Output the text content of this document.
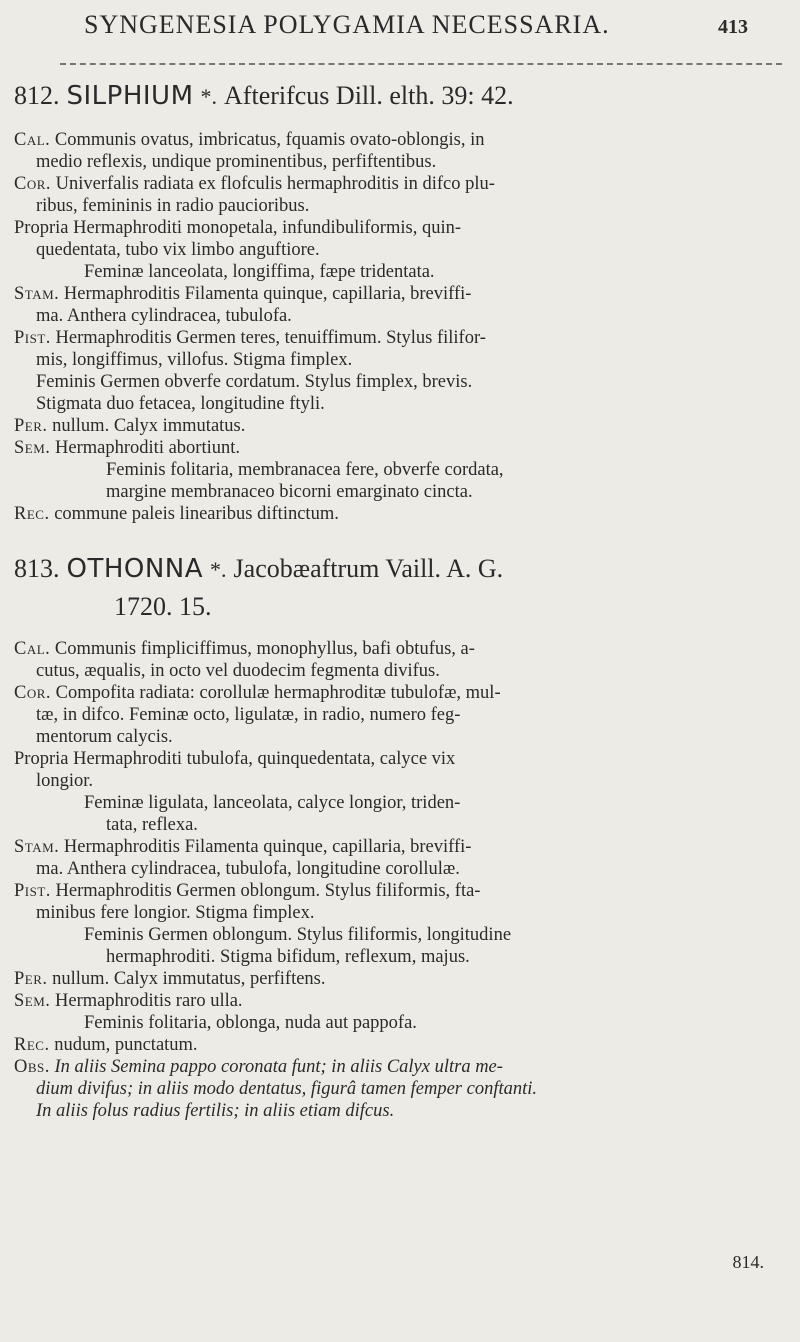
SYNGENESIA POLYGAMIA NECESSARIA.	413
812. SILPHIUM *. Afterifcus Dill. elth. 39: 42.
Cal. Communis ovatus, imbricatus, fquamis ovato-oblongis, in
medio reflexis, undique prominentibus, perfiftentibus.
Cor. Univerfalis radiata ex flofculis hermaphroditis in difco plu-
ribus, femininis in radio paucioribus.
Propria Hermaphroditi monopetala, infundibuliformis, quin-
quedentata, tubo vix limbo anguftiore.
Feminæ lanceolata, longiffima, fæpe tridentata.
Stam. Hermaphroditis Filamenta quinque, capillaria, breviffi-
ma. Anthera cylindracea, tubulofa.
Pist. Hermaphroditis Germen teres, tenuiffimum. Stylus filifor-
mis, longiffimus, villofus. Stigma fimplex.
Feminis Germen obverfe cordatum. Stylus fimplex, brevis.
Stigmata duo fetacea, longitudine ftyli.
Per. nullum. Calyx immutatus.
Sem. Hermaphroditi abortiunt.
Feminis folitaria, membranacea fere, obverfe cordata,
margine membranaceo bicorni emarginato cincta.
Rec. commune paleis linearibus diftinctum.
813. OTHONNA *. Jacobæaftrum Vaill. A. G.
1720. 15.
Cal. Communis fimpliciffimus, monophyllus, bafi obtufus, a-
cutus, æqualis, in octo vel duodecim fegmenta divifus.
Cor. Compofita radiata: corollulæ hermaphroditæ tubulofæ, mul-
tæ, in difco. Feminæ octo, ligulatæ, in radio, numero feg-
mentorum calycis.
Propria Hermaphroditi tubulofa, quinquedentata, calyce vix
longior.
Feminæ ligulata, lanceolata, calyce longior, triden-
tata, reflexa.
Stam. Hermaphroditis Filamenta quinque, capillaria, breviffi-
ma. Anthera cylindracea, tubulofa, longitudine corollulæ.
Pist. Hermaphroditis Germen oblongum. Stylus filiformis, fta-
minibus fere longior. Stigma fimplex.
Feminis Germen oblongum. Stylus filiformis, longitudine
hermaphroditi. Stigma bifidum, reflexum, majus.
Per. nullum. Calyx immutatus, perfiftens.
Sem. Hermaphroditis raro ulla.
Feminis folitaria, oblonga, nuda aut pappofa.
Rec. nudum, punctatum.
Obs. In aliis Semina pappo coronata funt; in aliis Calyx ultra me-
dium divifus; in aliis modo dentatus, figurâ tamen femper conftanti.
In aliis folus radius fertilis; in aliis etiam difcus.
814.
